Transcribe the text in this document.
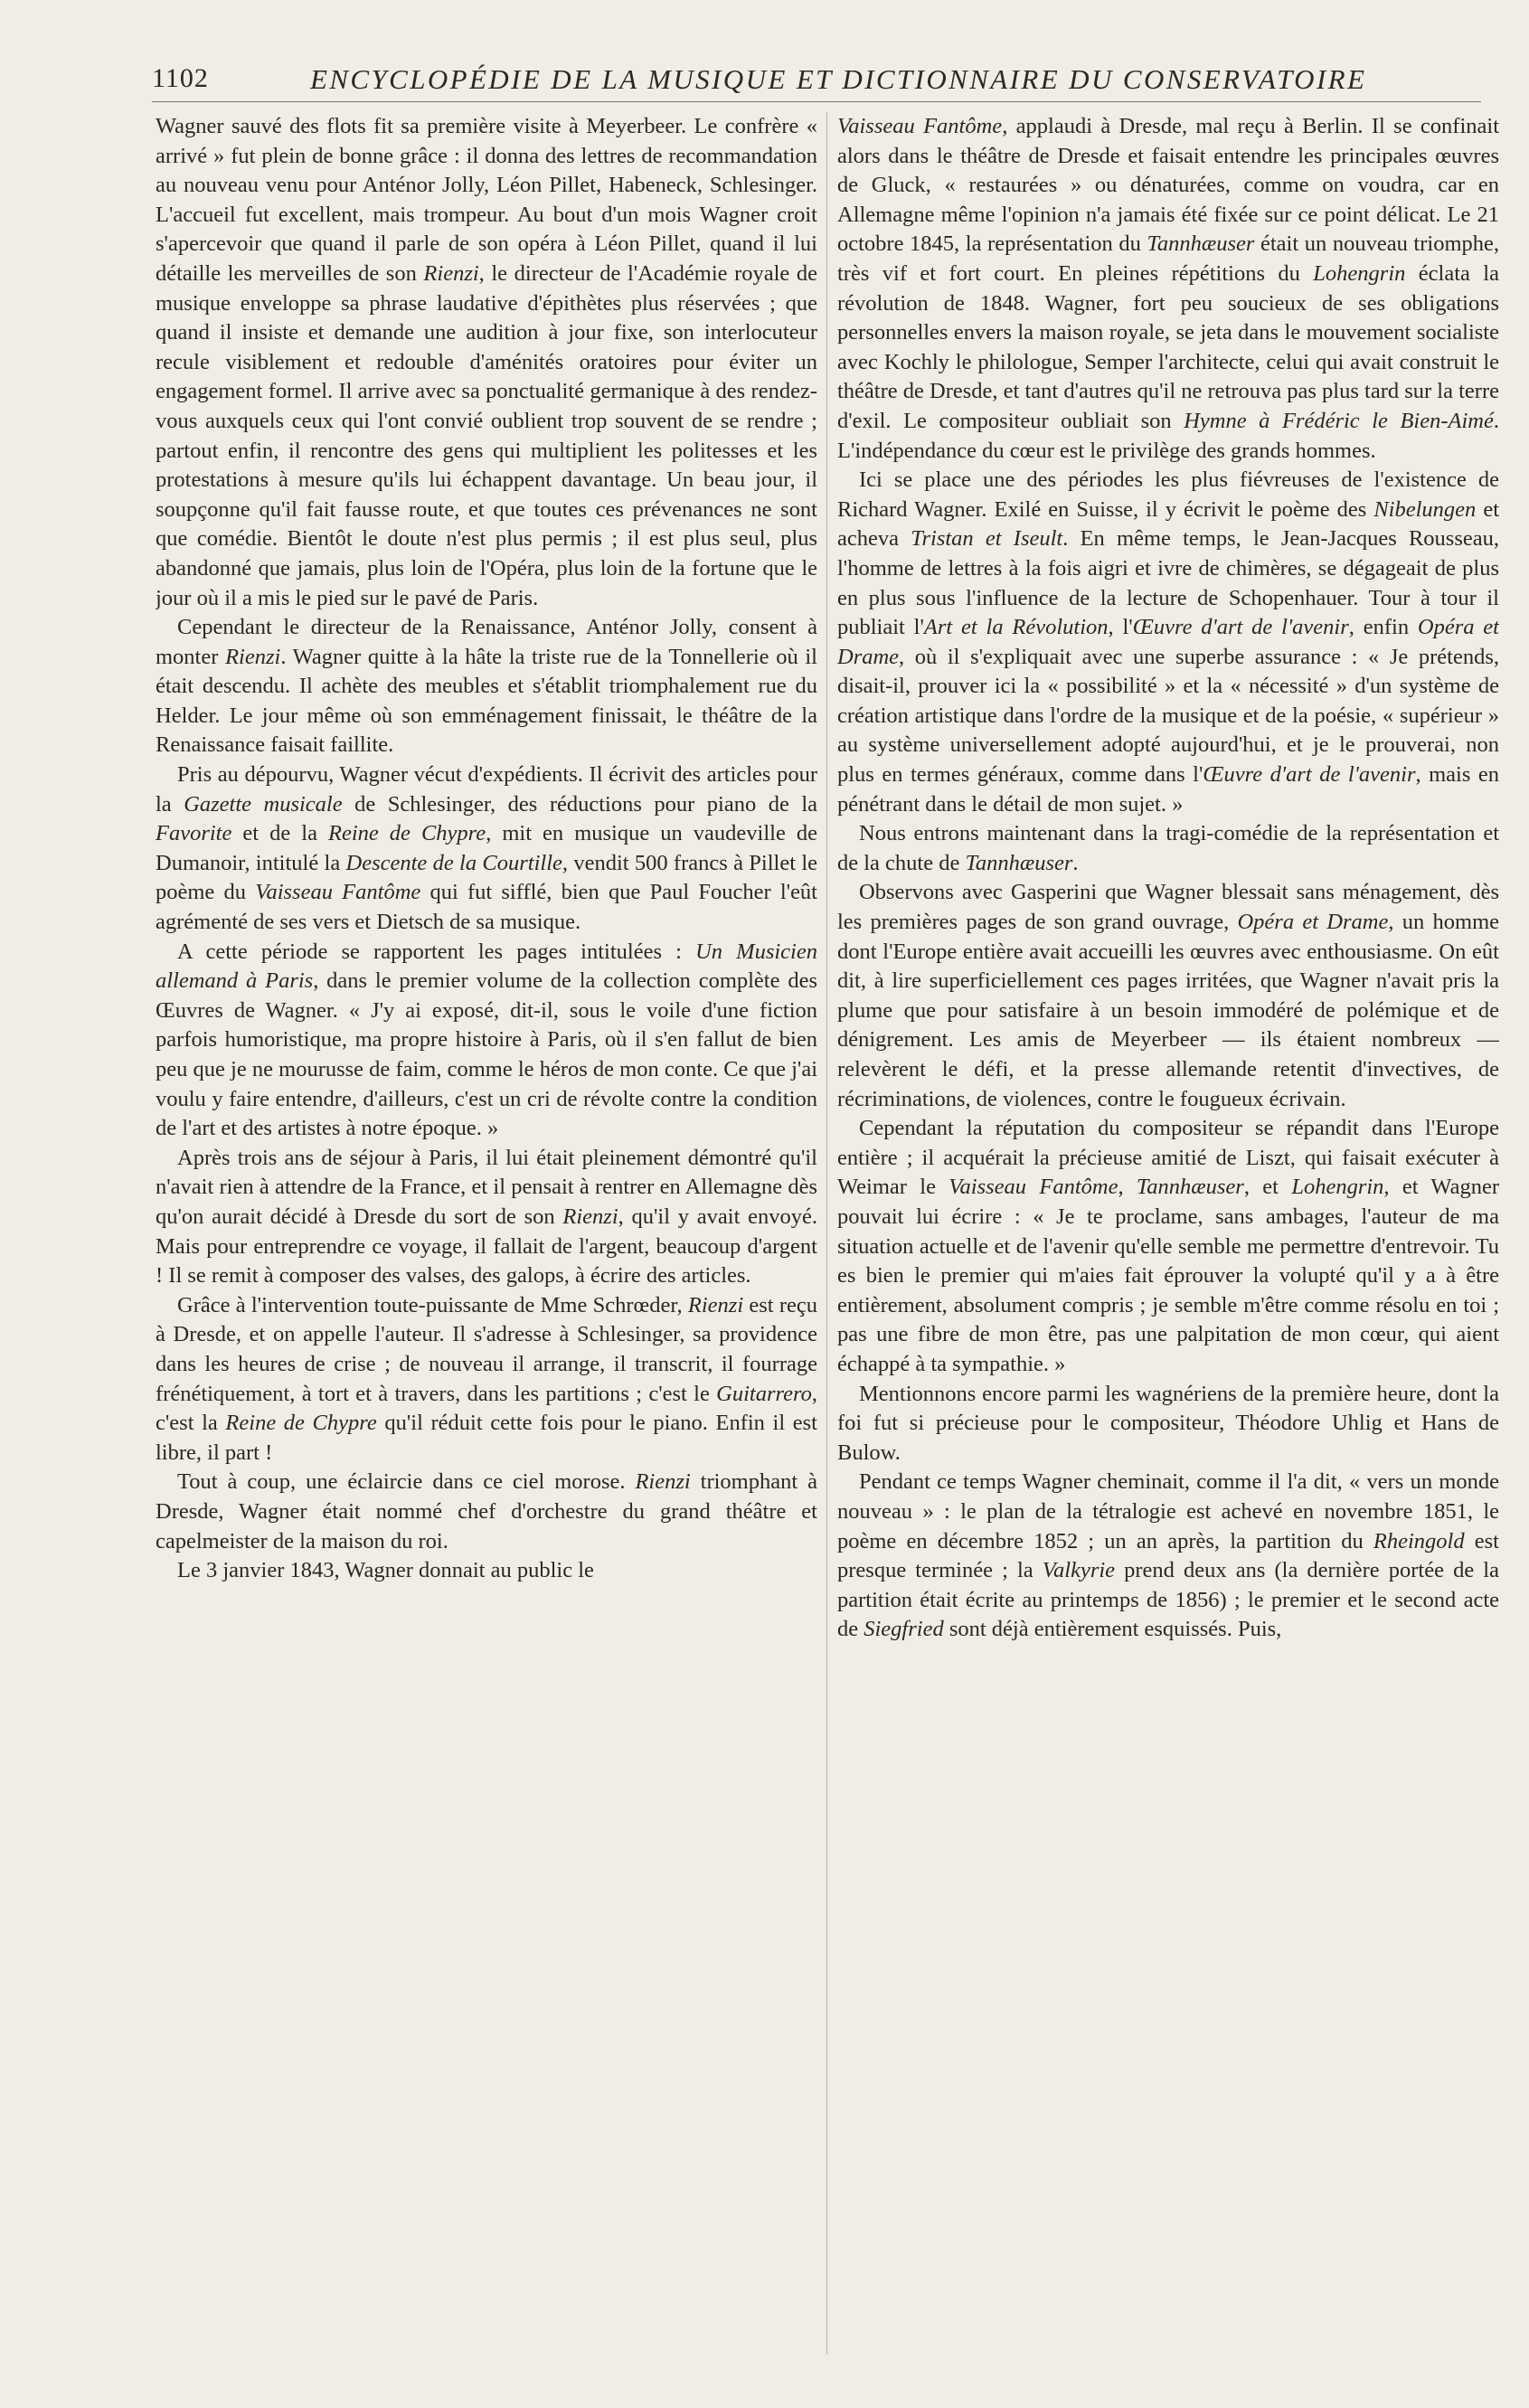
1102	ENCYCLOPÉDIE DE LA MUSIQUE ET DICTIONNAIRE DU CONSERVATOIRE

Wagner sauvé des flots fit sa première visite à Meyerbeer. Le confrère « arrivé » fut plein de bonne grâce : il donna des lettres de recommandation au nouveau venu pour Anténor Jolly, Léon Pillet, Habeneck, Schlesinger. L'accueil fut excellent, mais trompeur. Au bout d'un mois Wagner croit s'apercevoir que quand il parle de son opéra à Léon Pillet, quand il lui détaille les merveilles de son Rienzi, le directeur de l'Académie royale de musique enveloppe sa phrase laudative d'épithètes plus réservées ; que quand il insiste et demande une audition à jour fixe, son interlocuteur recule visiblement et redouble d'aménités oratoires pour éviter un engagement formel. Il arrive avec sa ponctualité germanique à des rendez-vous auxquels ceux qui l'ont convié oublient trop souvent de se rendre ; partout enfin, il rencontre des gens qui multiplient les politesses et les protestations à mesure qu'ils lui échappent davantage. Un beau jour, il soupçonne qu'il fait fausse route, et que toutes ces prévenances ne sont que comédie. Bientôt le doute n'est plus permis ; il est plus seul, plus abandonné que jamais, plus loin de l'Opéra, plus loin de la fortune que le jour où il a mis le pied sur le pavé de Paris.

Cependant le directeur de la Renaissance, Anténor Jolly, consent à monter Rienzi. Wagner quitte à la hâte la triste rue de la Tonnellerie où il était descendu. Il achète des meubles et s'établit triomphalement rue du Helder. Le jour même où son emménagement finissait, le théâtre de la Renaissance faisait faillite.

Pris au dépourvu, Wagner vécut d'expédients. Il écrivit des articles pour la Gazette musicale de Schlesinger, des réductions pour piano de la Favorite et de la Reine de Chypre, mit en musique un vaudeville de Dumanoir, intitulé la Descente de la Courtille, vendit 500 francs à Pillet le poème du Vaisseau Fantôme qui fut sifflé, bien que Paul Foucher l'eût agrémenté de ses vers et Dietsch de sa musique.

A cette période se rapportent les pages intitulées : Un Musicien allemand à Paris, dans le premier volume de la collection complète des Œuvres de Wagner. « J'y ai exposé, dit-il, sous le voile d'une fiction parfois humoristique, ma propre histoire à Paris, où il s'en fallut de bien peu que je ne mourusse de faim, comme le héros de mon conte. Ce que j'ai voulu y faire entendre, d'ailleurs, c'est un cri de révolte contre la condition de l'art et des artistes à notre époque. »

Après trois ans de séjour à Paris, il lui était pleinement démontré qu'il n'avait rien à attendre de la France, et il pensait à rentrer en Allemagne dès qu'on aurait décidé à Dresde du sort de son Rienzi, qu'il y avait envoyé. Mais pour entreprendre ce voyage, il fallait de l'argent, beaucoup d'argent ! Il se remit à composer des valses, des galops, à écrire des articles.

Grâce à l'intervention toute-puissante de Mme Schrœder, Rienzi est reçu à Dresde, et on appelle l'auteur. Il s'adresse à Schlesinger, sa providence dans les heures de crise ; de nouveau il arrange, il transcrit, il fourrage frénétiquement, à tort et à travers, dans les partitions ; c'est le Guitarrero, c'est la Reine de Chypre qu'il réduit cette fois pour le piano. Enfin il est libre, il part !

Tout à coup, une éclaircie dans ce ciel morose. Rienzi triomphant à Dresde, Wagner était nommé chef d'orchestre du grand théâtre et capelmeister de la maison du roi.

Le 3 janvier 1843, Wagner donnait au public le

Vaisseau Fantôme, applaudi à Dresde, mal reçu à Berlin. Il se confinait alors dans le théâtre de Dresde et faisait entendre les principales œuvres de Gluck, « restaurées » ou dénaturées, comme on voudra, car en Allemagne même l'opinion n'a jamais été fixée sur ce point délicat. Le 21 octobre 1845, la représentation du Tannhæuser était un nouveau triomphe, très vif et fort court. En pleines répétitions du Lohengrin éclata la révolution de 1848. Wagner, fort peu soucieux de ses obligations personnelles envers la maison royale, se jeta dans le mouvement socialiste avec Kochly le philologue, Semper l'architecte, celui qui avait construit le théâtre de Dresde, et tant d'autres qu'il ne retrouva pas plus tard sur la terre d'exil. Le compositeur oubliait son Hymne à Frédéric le Bien-Aimé. L'indépendance du cœur est le privilège des grands hommes.

Ici se place une des périodes les plus fiévreuses de l'existence de Richard Wagner. Exilé en Suisse, il y écrivit le poème des Nibelungen et acheva Tristan et Iseult. En même temps, le Jean-Jacques Rousseau, l'homme de lettres à la fois aigri et ivre de chimères, se dégageait de plus en plus sous l'influence de la lecture de Schopenhauer. Tour à tour il publiait l'Art et la Révolution, l'Œuvre d'art de l'avenir, enfin Opéra et Drame, où il s'expliquait avec une superbe assurance : « Je prétends, disait-il, prouver ici la « possibilité » et la « nécessité » d'un système de création artistique dans l'ordre de la musique et de la poésie, « supérieur » au système universellement adopté aujourd'hui, et je le prouverai, non plus en termes généraux, comme dans l'Œuvre d'art de l'avenir, mais en pénétrant dans le détail de mon sujet. »

Nous entrons maintenant dans la tragi-comédie de la représentation et de la chute de Tannhæuser.

Observons avec Gasperini que Wagner blessait sans ménagement, dès les premières pages de son grand ouvrage, Opéra et Drame, un homme dont l'Europe entière avait accueilli les œuvres avec enthousiasme. On eût dit, à lire superficiellement ces pages irritées, que Wagner n'avait pris la plume que pour satisfaire à un besoin immodéré de polémique et de dénigrement. Les amis de Meyerbeer — ils étaient nombreux — relevèrent le défi, et la presse allemande retentit d'invectives, de récriminations, de violences, contre le fougueux écrivain.

Cependant la réputation du compositeur se répandit dans l'Europe entière ; il acquérait la précieuse amitié de Liszt, qui faisait exécuter à Weimar le Vaisseau Fantôme, Tannhæuser, et Lohengrin, et Wagner pouvait lui écrire : « Je te proclame, sans ambages, l'auteur de ma situation actuelle et de l'avenir qu'elle semble me permettre d'entrevoir. Tu es bien le premier qui m'aies fait éprouver la volupté qu'il y a à être entièrement, absolument compris ; je semble m'être comme résolu en toi ; pas une fibre de mon être, pas une palpitation de mon cœur, qui aient échappé à ta sympathie. »

Mentionnons encore parmi les wagnériens de la première heure, dont la foi fut si précieuse pour le compositeur, Théodore Uhlig et Hans de Bulow.

Pendant ce temps Wagner cheminait, comme il l'a dit, « vers un monde nouveau » : le plan de la tétralogie est achevé en novembre 1851, le poème en décembre 1852 ; un an après, la partition du Rheingold est presque terminée ; la Valkyrie prend deux ans (la dernière portée de la partition était écrite au printemps de 1856) ; le premier et le second acte de Siegfried sont déjà entièrement esquissés. Puis,
